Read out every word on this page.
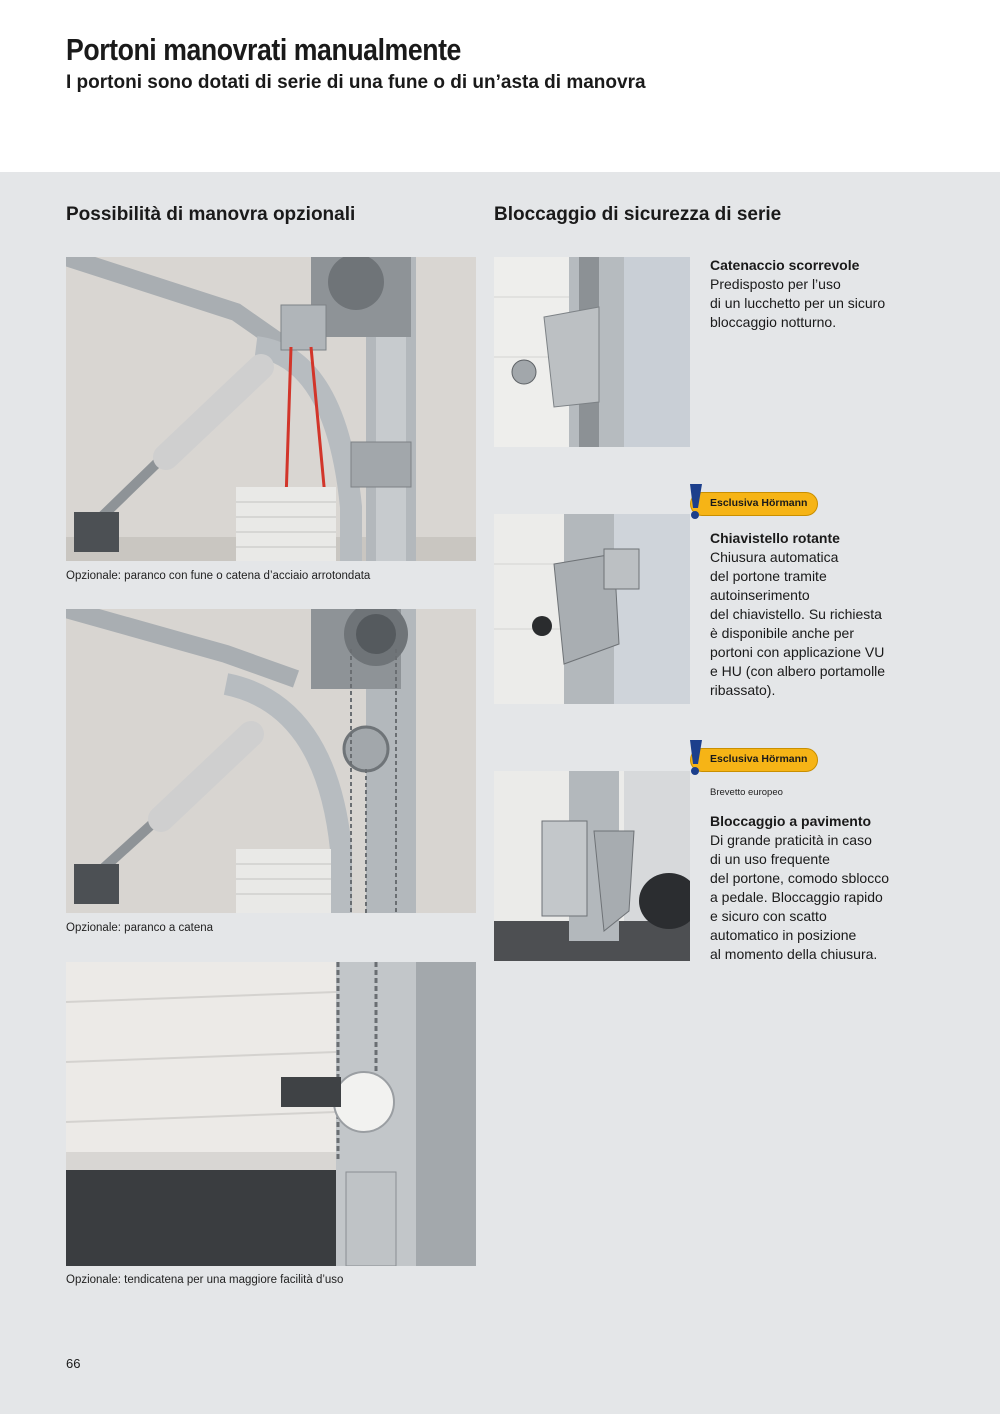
Portoni manovrati manualmente
I portoni sono dotati di serie di una fune o di un’asta di manovra
Possibilità di manovra opzionali
Opzionale: paranco con fune o catena d’acciaio arrotondata
Opzionale: paranco a catena
Opzionale: tendicatena per una maggiore facilità d’uso
Bloccaggio di sicurezza di serie
Catenaccio scorrevole
Predisposto per l’uso
di un lucchetto per un sicuro
bloccaggio notturno.
Esclusiva Hörmann
Chiavistello rotante
Chiusura automatica
del portone tramite
autoinserimento
del chiavistello. Su richiesta
è disponibile anche per
portoni con applicazione VU
e HU (con albero portamolle
ribassato).
Esclusiva Hörmann
Brevetto europeo
Bloccaggio a pavimento
Di grande praticità in caso
di un uso frequente
del portone, comodo sblocco
a pedale. Bloccaggio rapido
e sicuro con scatto
automatico in posizione
al momento della chiusura.
66
